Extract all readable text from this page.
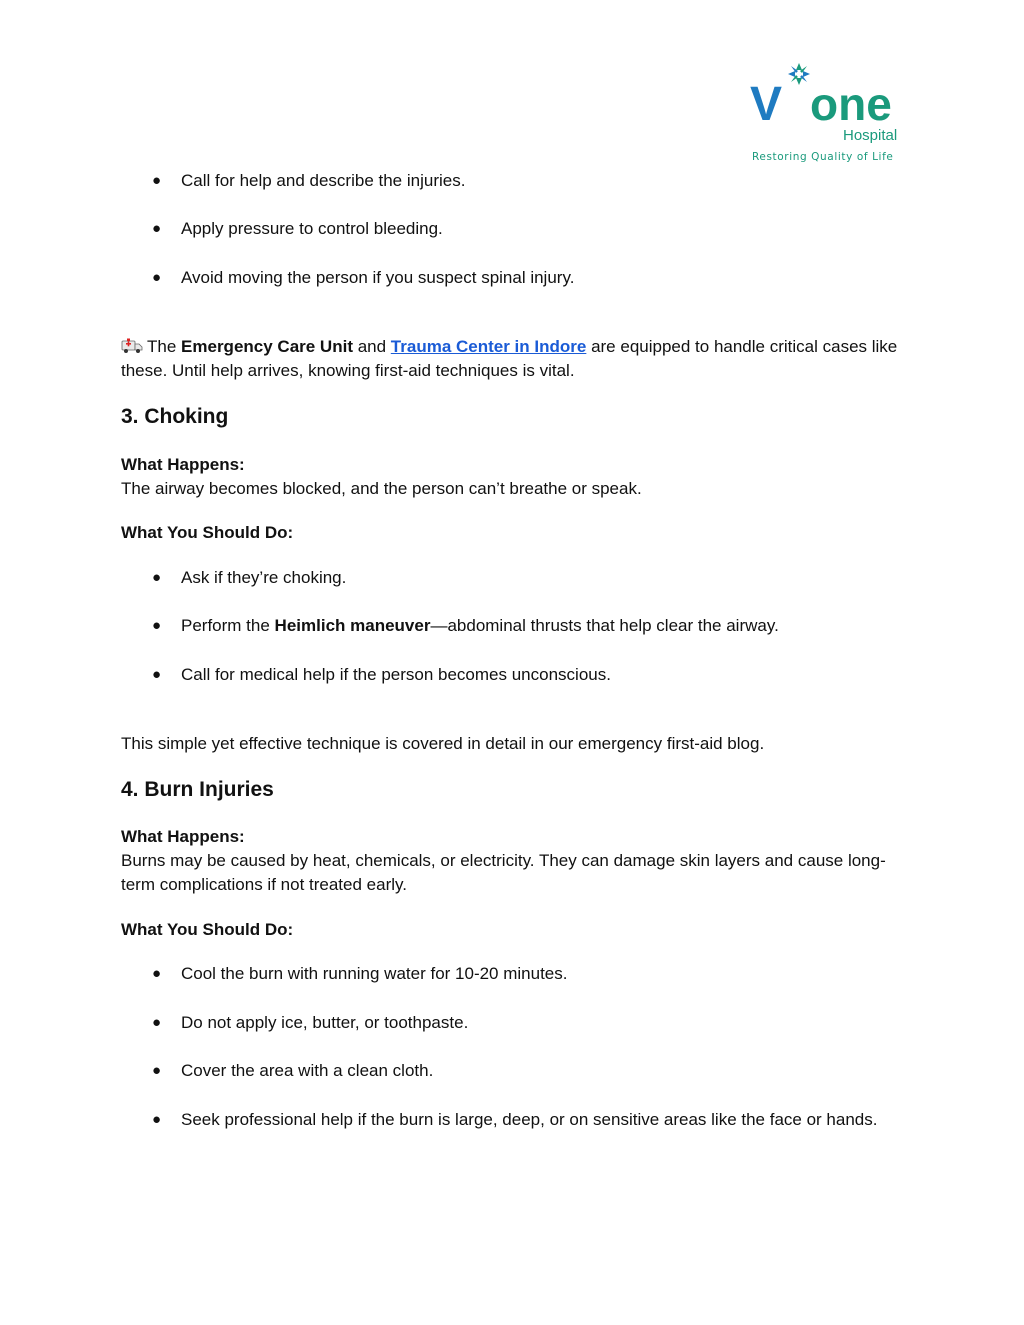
V one
Hospital
Restoring Quality of Life
●	Call for help and describe the injuries.
●	Apply pressure to control bleeding.
●	Avoid moving the person if you suspect spinal injury.

The Emergency Care Unit and Trauma Center in Indore are equipped to handle critical cases like these. Until help arrives, knowing first-aid techniques is vital.

3. Choking

What Happens:
The airway becomes blocked, and the person can’t breathe or speak.

What You Should Do:

●	Ask if they’re choking.
●	Perform the Heimlich maneuver—abdominal thrusts that help clear the airway.
●	Call for medical help if the person becomes unconscious.

This simple yet effective technique is covered in detail in our emergency first-aid blog.

4. Burn Injuries

What Happens:
Burns may be caused by heat, chemicals, or electricity. They can damage skin layers and cause long-term complications if not treated early.

What You Should Do:

●	Cool the burn with running water for 10-20 minutes.
●	Do not apply ice, butter, or toothpaste.
●	Cover the area with a clean cloth.
●	Seek professional help if the burn is large, deep, or on sensitive areas like the face or hands.
